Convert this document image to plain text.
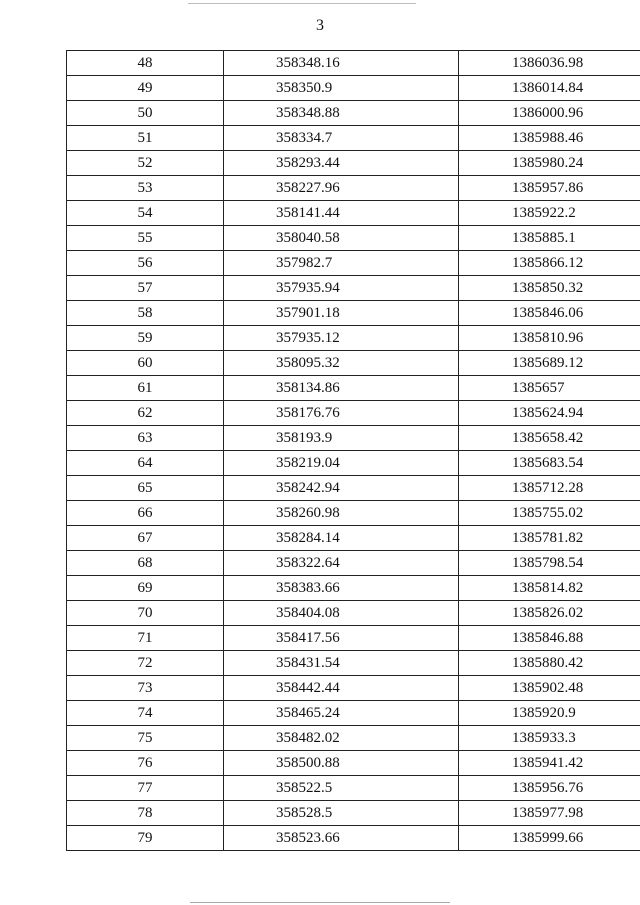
3
48	358348.16	1386036.98
49	358350.9	1386014.84
50	358348.88	1386000.96
51	358334.7	1385988.46
52	358293.44	1385980.24
53	358227.96	1385957.86
54	358141.44	1385922.2
55	358040.58	1385885.1
56	357982.7	1385866.12
57	357935.94	1385850.32
58	357901.18	1385846.06
59	357935.12	1385810.96
60	358095.32	1385689.12
61	358134.86	1385657
62	358176.76	1385624.94
63	358193.9	1385658.42
64	358219.04	1385683.54
65	358242.94	1385712.28
66	358260.98	1385755.02
67	358284.14	1385781.82
68	358322.64	1385798.54
69	358383.66	1385814.82
70	358404.08	1385826.02
71	358417.56	1385846.88
72	358431.54	1385880.42
73	358442.44	1385902.48
74	358465.24	1385920.9
75	358482.02	1385933.3
76	358500.88	1385941.42
77	358522.5	1385956.76
78	358528.5	1385977.98
79	358523.66	1385999.66
